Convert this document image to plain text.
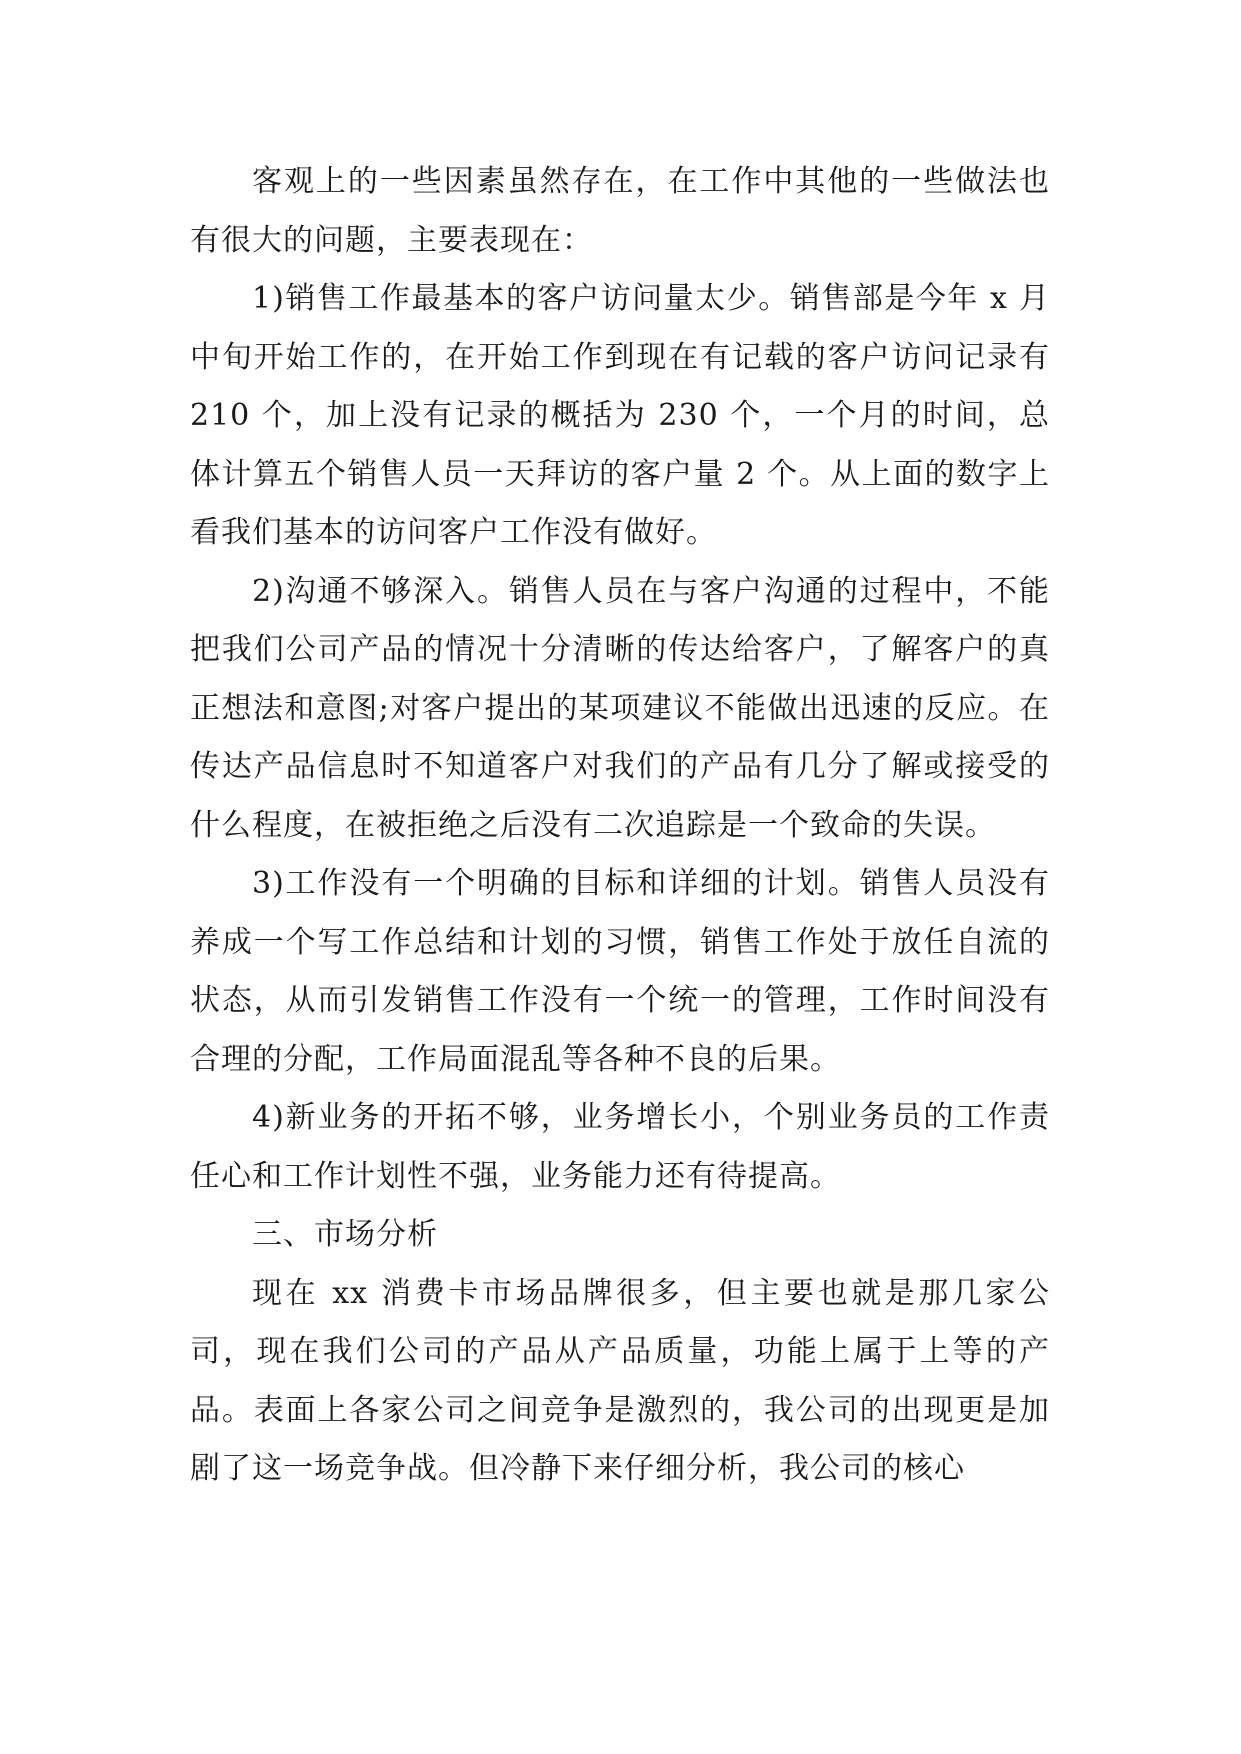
客观上的一些因素虽然存在，在工作中其他的一些做法也有很大的问题，主要表现在：

1)销售工作最基本的客户访问量太少。销售部是今年 x 月中旬开始工作的，在开始工作到现在有记载的客户访问记录有 210 个，加上没有记录的概括为 230 个，一个月的时间，总体计算五个销售人员一天拜访的客户量 2 个。从上面的数字上看我们基本的访问客户工作没有做好。

2)沟通不够深入。销售人员在与客户沟通的过程中，不能把我们公司产品的情况十分清晰的传达给客户，了解客户的真正想法和意图;对客户提出的某项建议不能做出迅速的反应。在传达产品信息时不知道客户对我们的产品有几分了解或接受的什么程度，在被拒绝之后没有二次追踪是一个致命的失误。

3)工作没有一个明确的目标和详细的计划。销售人员没有养成一个写工作总结和计划的习惯，销售工作处于放任自流的状态，从而引发销售工作没有一个统一的管理，工作时间没有合理的分配，工作局面混乱等各种不良的后果。

4)新业务的开拓不够，业务增长小，个别业务员的工作责任心和工作计划性不强，业务能力还有待提高。

三、市场分析

现在 xx 消费卡市场品牌很多，但主要也就是那几家公司，现在我们公司的产品从产品质量，功能上属于上等的产品。表面上各家公司之间竞争是激烈的，我公司的出现更是加剧了这一场竞争战。但冷静下来仔细分析，我公司的核心
